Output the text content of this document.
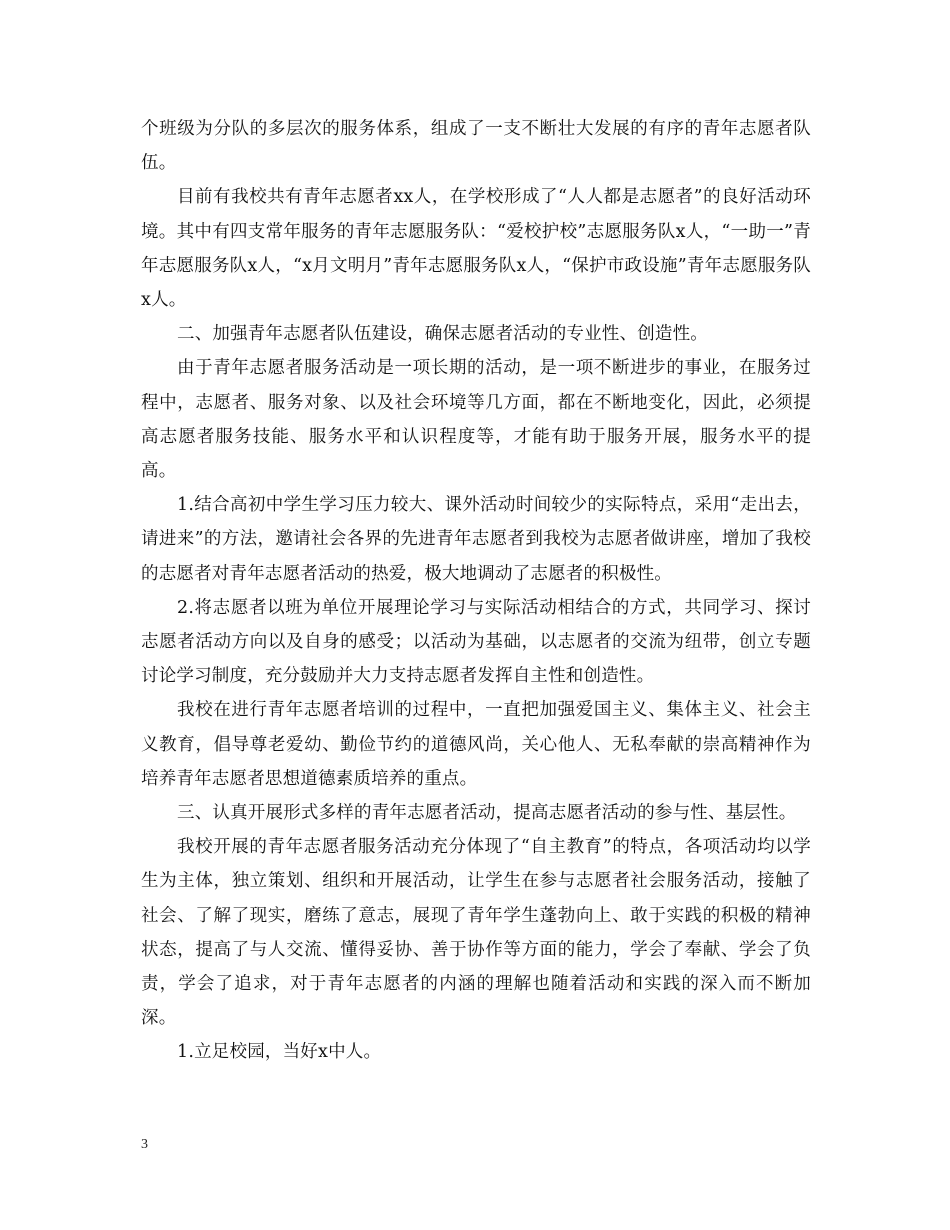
个班级为分队的多层次的服务体系，组成了一支不断壮大发展的有序的青年志愿者队伍。

目前有我校共有青年志愿者xx人，在学校形成了“人人都是志愿者”的良好活动环境。其中有四支常年服务的青年志愿服务队：“爱校护校”志愿服务队x人，“一助一”青年志愿服务队x人，“x月文明月”青年志愿服务队x人，“保护市政设施”青年志愿服务队x人。

二、加强青年志愿者队伍建设，确保志愿者活动的专业性、创造性。

由于青年志愿者服务活动是一项长期的活动，是一项不断进步的事业，在服务过程中，志愿者、服务对象、以及社会环境等几方面，都在不断地变化，因此，必须提高志愿者服务技能、服务水平和认识程度等，才能有助于服务开展，服务水平的提高。

1.结合高初中学生学习压力较大、课外活动时间较少的实际特点，采用“走出去，请进来”的方法，邀请社会各界的先进青年志愿者到我校为志愿者做讲座，增加了我校的志愿者对青年志愿者活动的热爱，极大地调动了志愿者的积极性。

2.将志愿者以班为单位开展理论学习与实际活动相结合的方式，共同学习、探讨志愿者活动方向以及自身的感受；以活动为基础，以志愿者的交流为纽带，创立专题讨论学习制度，充分鼓励并大力支持志愿者发挥自主性和创造性。

我校在进行青年志愿者培训的过程中，一直把加强爱国主义、集体主义、社会主义教育，倡导尊老爱幼、勤俭节约的道德风尚，关心他人、无私奉献的崇高精神作为培养青年志愿者思想道德素质培养的重点。

三、认真开展形式多样的青年志愿者活动，提高志愿者活动的参与性、基层性。

我校开展的青年志愿者服务活动充分体现了“自主教育”的特点，各项活动均以学生为主体，独立策划、组织和开展活动，让学生在参与志愿者社会服务活动，接触了社会、了解了现实，磨练了意志，展现了青年学生蓬勃向上、敢于实践的积极的精神状态，提高了与人交流、懂得妥协、善于协作等方面的能力，学会了奉献、学会了负责，学会了追求，对于青年志愿者的内涵的理解也随着活动和实践的深入而不断加深。

1.立足校园，当好x中人。

3
